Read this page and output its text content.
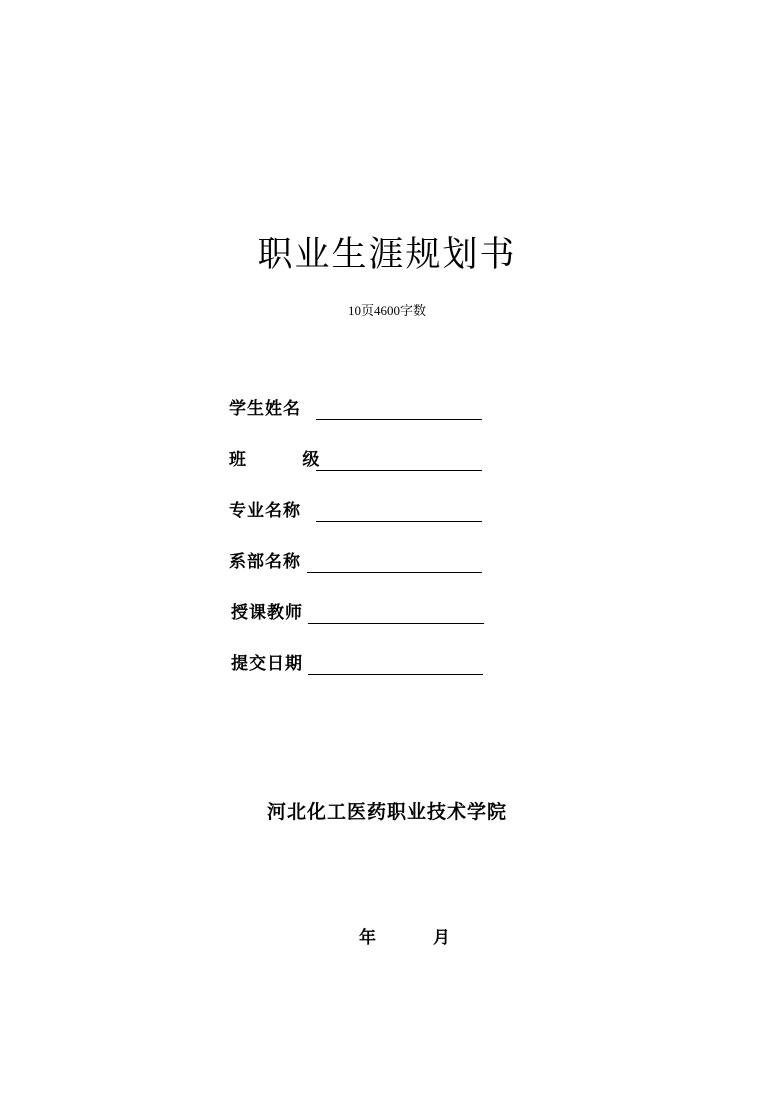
职业生涯规划书
10页4600字数
学生姓名
班        级
专业名称
系部名称
授课教师
提交日期
河北化工医药职业技术学院
年	月
